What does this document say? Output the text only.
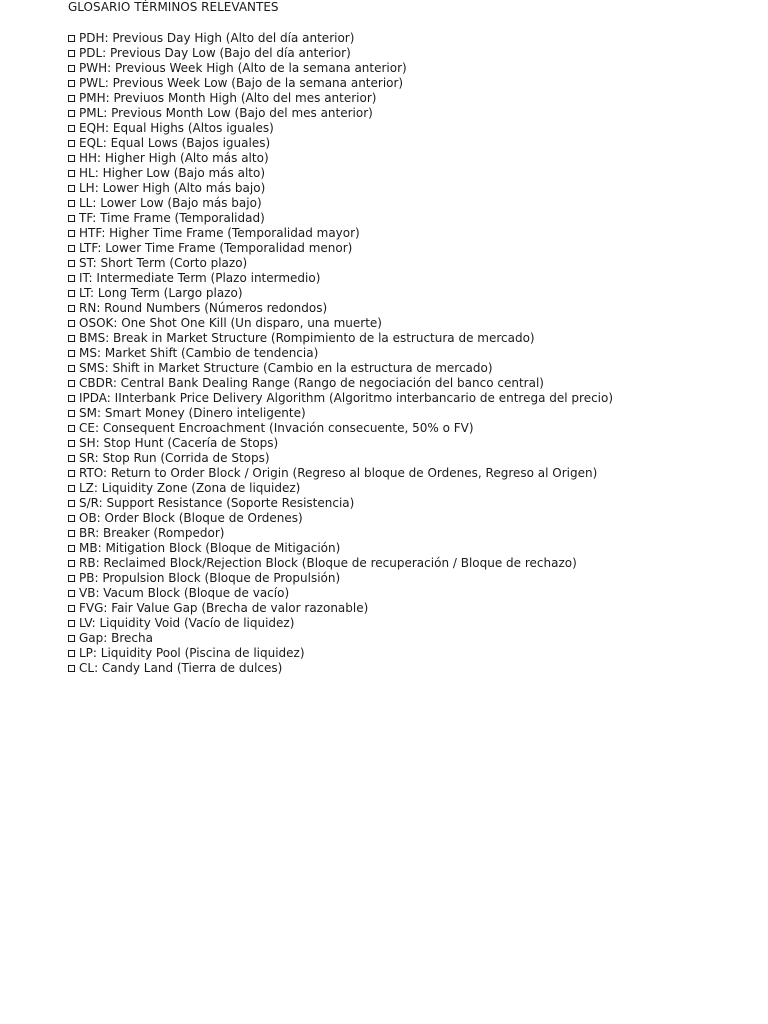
GLOSARIO TÉRMINOS RELEVANTES
PDH: Previous Day High (Alto del día anterior)
PDL: Previous Day Low (Bajo del día anterior)
PWH: Previous Week High (Alto de la semana anterior)
PWL: Previous Week Low (Bajo de la semana anterior)
PMH: Previuos Month High (Alto del mes anterior)
PML: Previous Month Low (Bajo del mes anterior)
EQH: Equal Highs (Altos iguales)
EQL: Equal Lows (Bajos iguales)
HH: Higher High (Alto más alto)
HL: Higher Low (Bajo más alto)
LH: Lower High (Alto más bajo)
LL: Lower Low (Bajo más bajo)
TF: Time Frame (Temporalidad)
HTF: Higher Time Frame (Temporalidad mayor)
LTF: Lower Time Frame (Temporalidad menor)
ST: Short Term (Corto plazo)
IT: Intermediate Term (Plazo intermedio)
LT: Long Term (Largo plazo)
RN: Round Numbers (Números redondos)
OSOK: One Shot One Kill (Un disparo, una muerte)
BMS: Break in Market Structure (Rompimiento de la estructura de mercado)
MS: Market Shift (Cambio de tendencia)
SMS: Shift in Market Structure (Cambio en la estructura de mercado)
CBDR: Central Bank Dealing Range (Rango de negociación del banco central)
IPDA: IInterbank Price Delivery Algorithm (Algoritmo interbancario de entrega del precio)
SM: Smart Money (Dinero inteligente)
CE: Consequent Encroachment (Invación consecuente, 50% o FV)
SH: Stop Hunt (Cacería de Stops)
SR: Stop Run (Corrida de Stops)
RTO: Return to Order Block / Origin (Regreso al bloque de Ordenes, Regreso al Origen)
LZ: Liquidity Zone (Zona de liquidez)
S/R: Support Resistance (Soporte Resistencia)
OB: Order Block (Bloque de Ordenes)
BR: Breaker (Rompedor)
MB: Mitigation Block (Bloque de Mitigación)
RB: Reclaimed Block/Rejection Block (Bloque de recuperación / Bloque de rechazo)
PB: Propulsion Block (Bloque de Propulsión)
VB: Vacum Block (Bloque de vacío)
FVG: Fair Value Gap (Brecha de valor razonable)
LV: Liquidity Void (Vacío de liquidez)
Gap: Brecha
LP: Liquidity Pool (Piscina de liquidez)
CL: Candy Land (Tierra de dulces)
